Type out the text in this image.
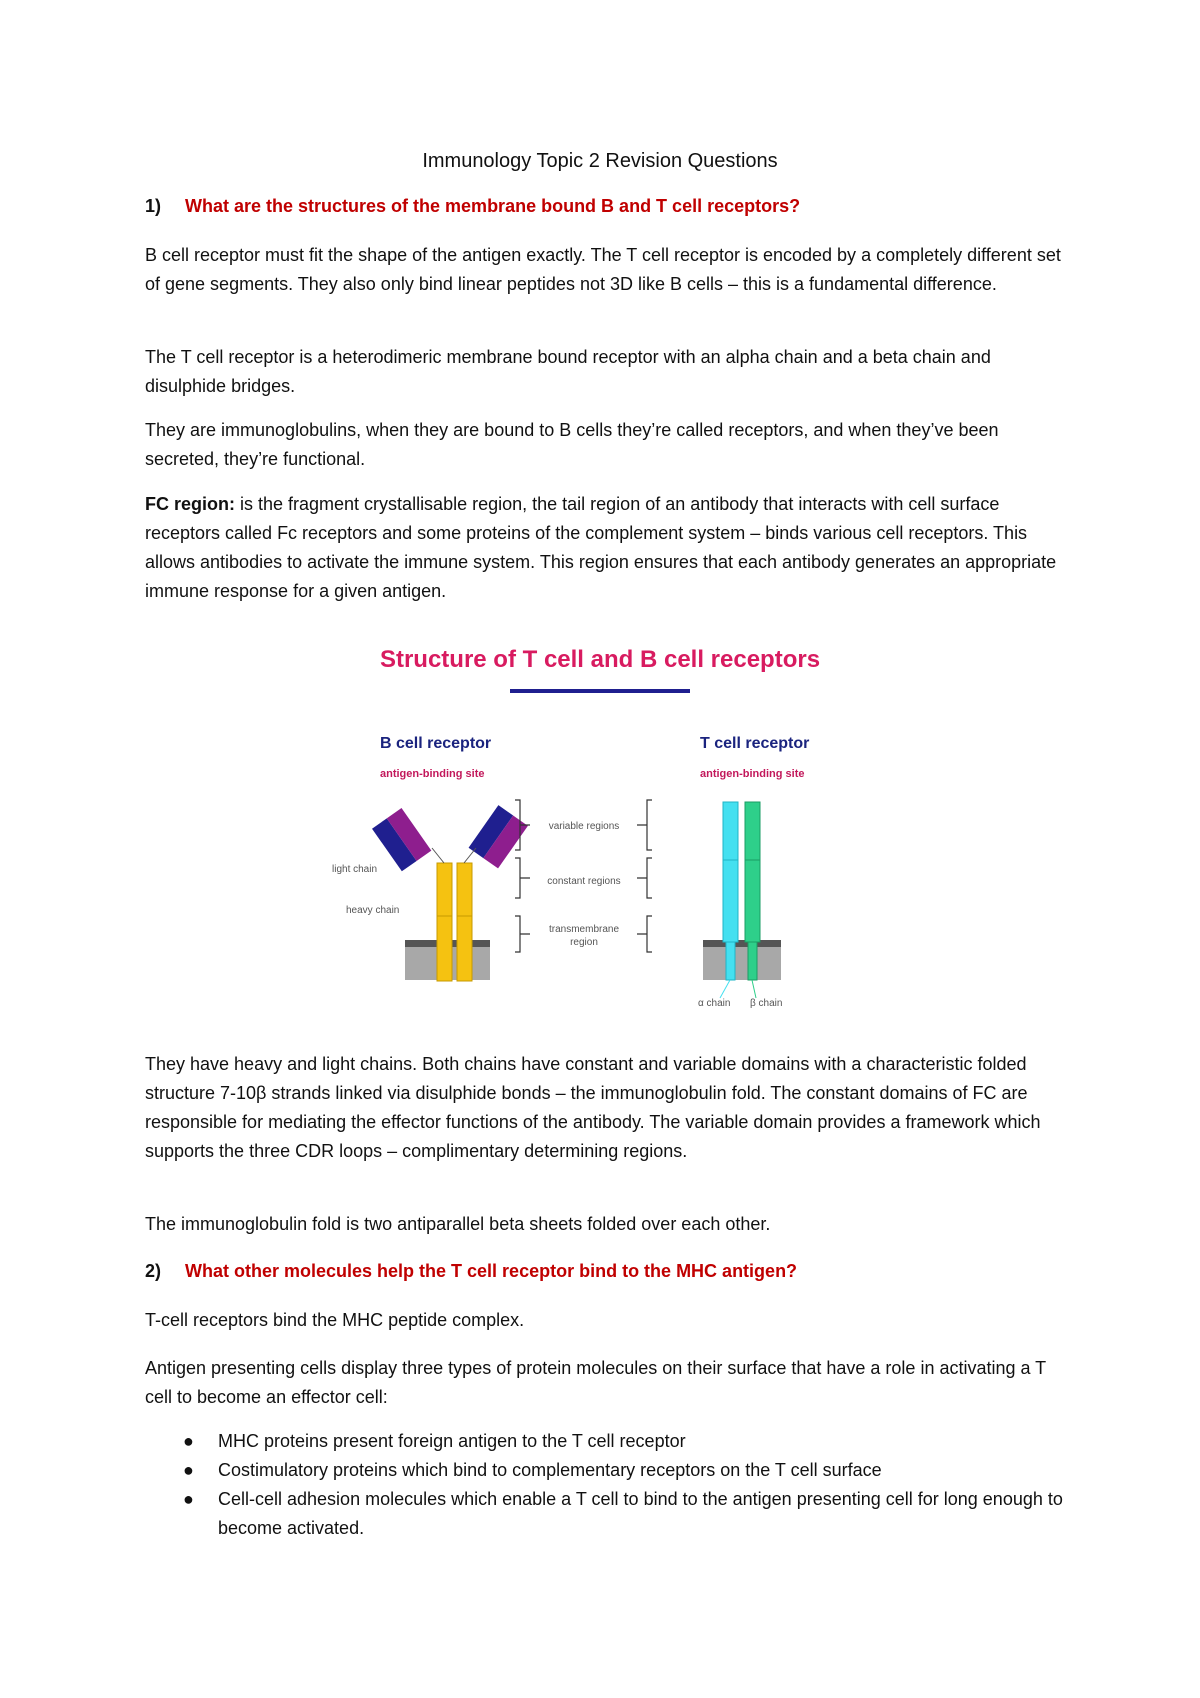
Immunology Topic 2 Revision Questions
1) What are the structures of the membrane bound B and T cell receptors?

B cell receptor must fit the shape of the antigen exactly. The T cell receptor is encoded by a completely different set of gene segments. They also only bind linear peptides not 3D like B cells – this is a fundamental difference.

The T cell receptor is a heterodimeric membrane bound receptor with an alpha chain and a beta chain and disulphide bridges.

They are immunoglobulins, when they are bound to B cells they’re called receptors, and when they’ve been secreted, they’re functional.

FC region: is the fragment crystallisable region, the tail region of an antibody that interacts with cell surface receptors called Fc receptors and some proteins of the complement system – binds various cell receptors. This allows antibodies to activate the immune system. This region ensures that each antibody generates an appropriate immune response for a given antigen.

Structure of T cell and B cell receptors
B cell receptor
antigen-binding site
T cell receptor
antigen-binding site
light chain
heavy chain
variable regions
constant regions
transmembrane
region
α chain β chain

They have heavy and light chains. Both chains have constant and variable domains with a characteristic folded structure 7-10β strands linked via disulphide bonds – the immunoglobulin fold. The constant domains of FC are responsible for mediating the effector functions of the antibody. The variable domain provides a framework which supports the three CDR loops – complimentary determining regions.

The immunoglobulin fold is two antiparallel beta sheets folded over each other.

2) What other molecules help the T cell receptor bind to the MHC antigen?

T-cell receptors bind the MHC peptide complex.

Antigen presenting cells display three types of protein molecules on their surface that have a role in activating a T cell to become an effector cell:

● MHC proteins present foreign antigen to the T cell receptor
● Costimulatory proteins which bind to complementary receptors on the T cell surface
● Cell-cell adhesion molecules which enable a T cell to bind to the antigen presenting cell for long enough to become activated.
